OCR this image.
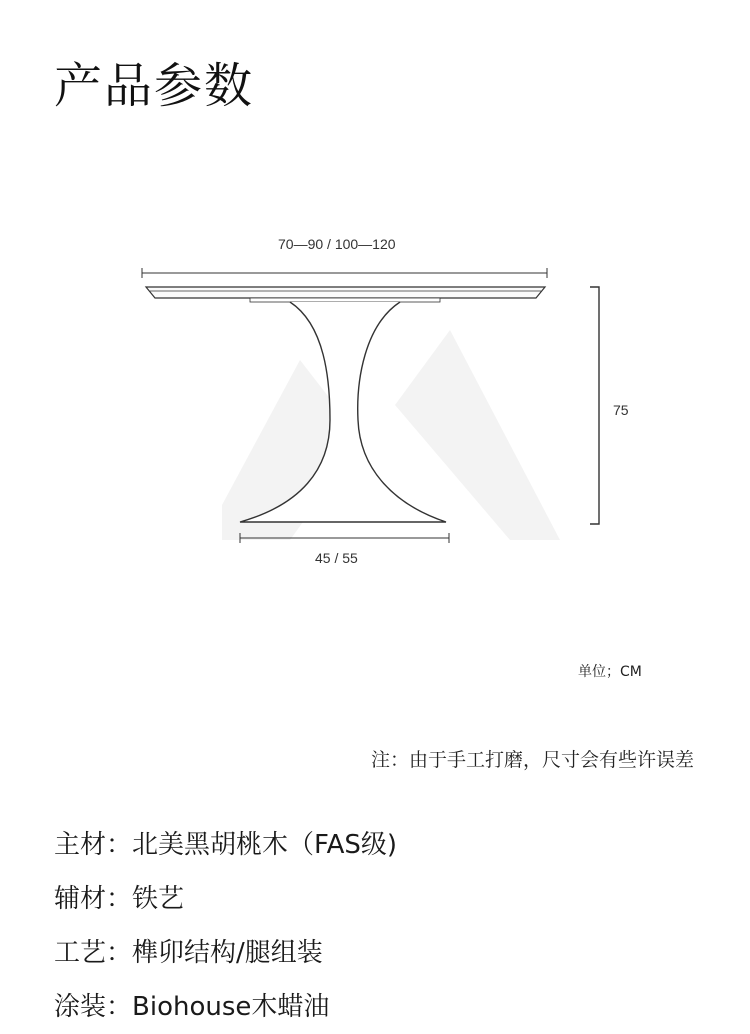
产品参数
70—90 / 100—120
45 / 55
75
单位；CM
注：由于手工打磨，尺寸会有些许误差
主材：北美黑胡桃木（FAS级)
辅材：铁艺
工艺：榫卯结构/腿组装
涂装：Biohouse木蜡油
